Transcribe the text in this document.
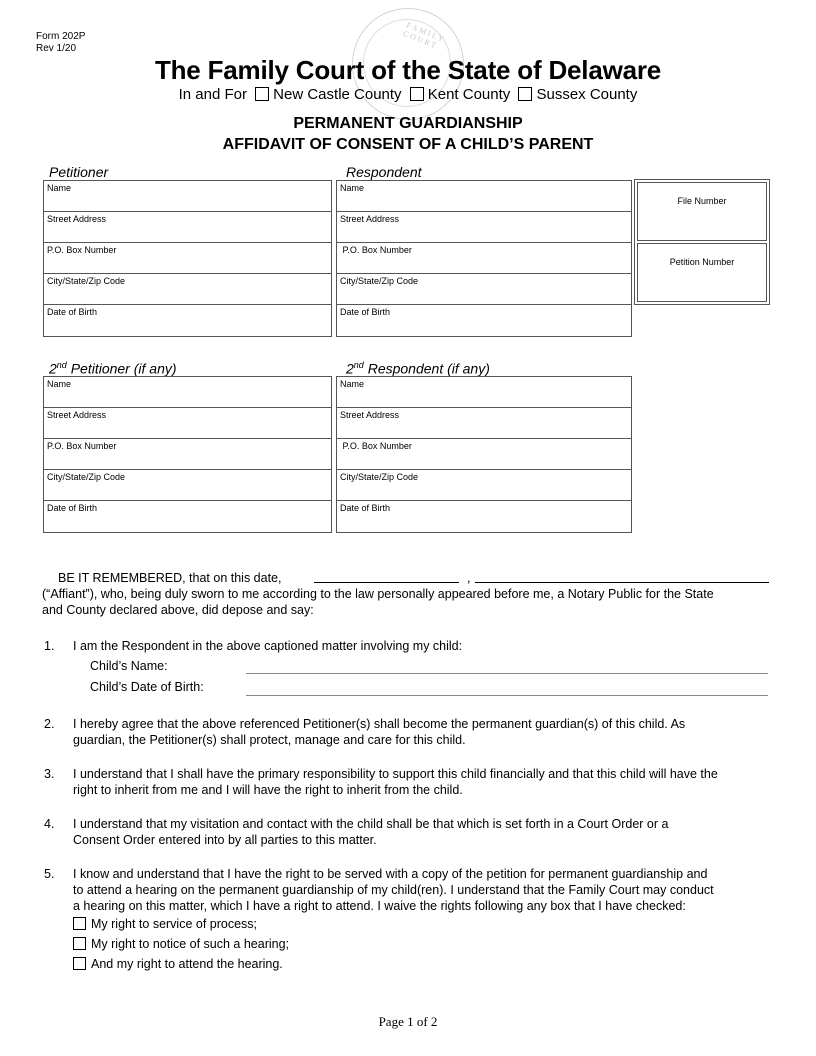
Form 202P
Rev 1/20
FAMILY COURT
The Family Court of the State of Delaware
In and For New Castle County Kent County Sussex County
PERMANENT GUARDIANSHIP
AFFIDAVIT OF CONSENT OF A CHILD’S PARENT
Petitioner
Name
Street Address
P.O. Box Number
City/State/Zip Code
Date of Birth
Respondent
Name
Street Address
P.O. Box Number
City/State/Zip Code
Date of Birth
File Number
Petition Number
2nd Petitioner (if any)
Name
Street Address
P.O. Box Number
City/State/Zip Code
Date of Birth
2nd Respondent (if any)
Name
Street Address
P.O. Box Number
City/State/Zip Code
Date of Birth
BE IT REMEMBERED, that on this date,	,
(“Affiant”), who, being duly sworn to me according to the law personally appeared before me, a Notary Public for the State
and County declared above, did depose and say:
1.	I am the Respondent in the above captioned matter involving my child:
Child’s Name:
Child’s Date of Birth:
2.	I hereby agree that the above referenced Petitioner(s) shall become the permanent guardian(s) of this child. As
guardian, the Petitioner(s) shall protect, manage and care for this child.
3.	I understand that I shall have the primary responsibility to support this child financially and that this child will have the
right to inherit from me and I will have the right to inherit from the child.
4.	I understand that my visitation and contact with the child shall be that which is set forth in a Court Order or a
Consent Order entered into by all parties to this matter.
5.	I know and understand that I have the right to be served with a copy of the petition for permanent guardianship and
to attend a hearing on the permanent guardianship of my child(ren). I understand that the Family Court may conduct
a hearing on this matter, which I have a right to attend. I waive the rights following any box that I have checked:
My right to service of process;
My right to notice of such a hearing;
And my right to attend the hearing.
Page 1 of 2
